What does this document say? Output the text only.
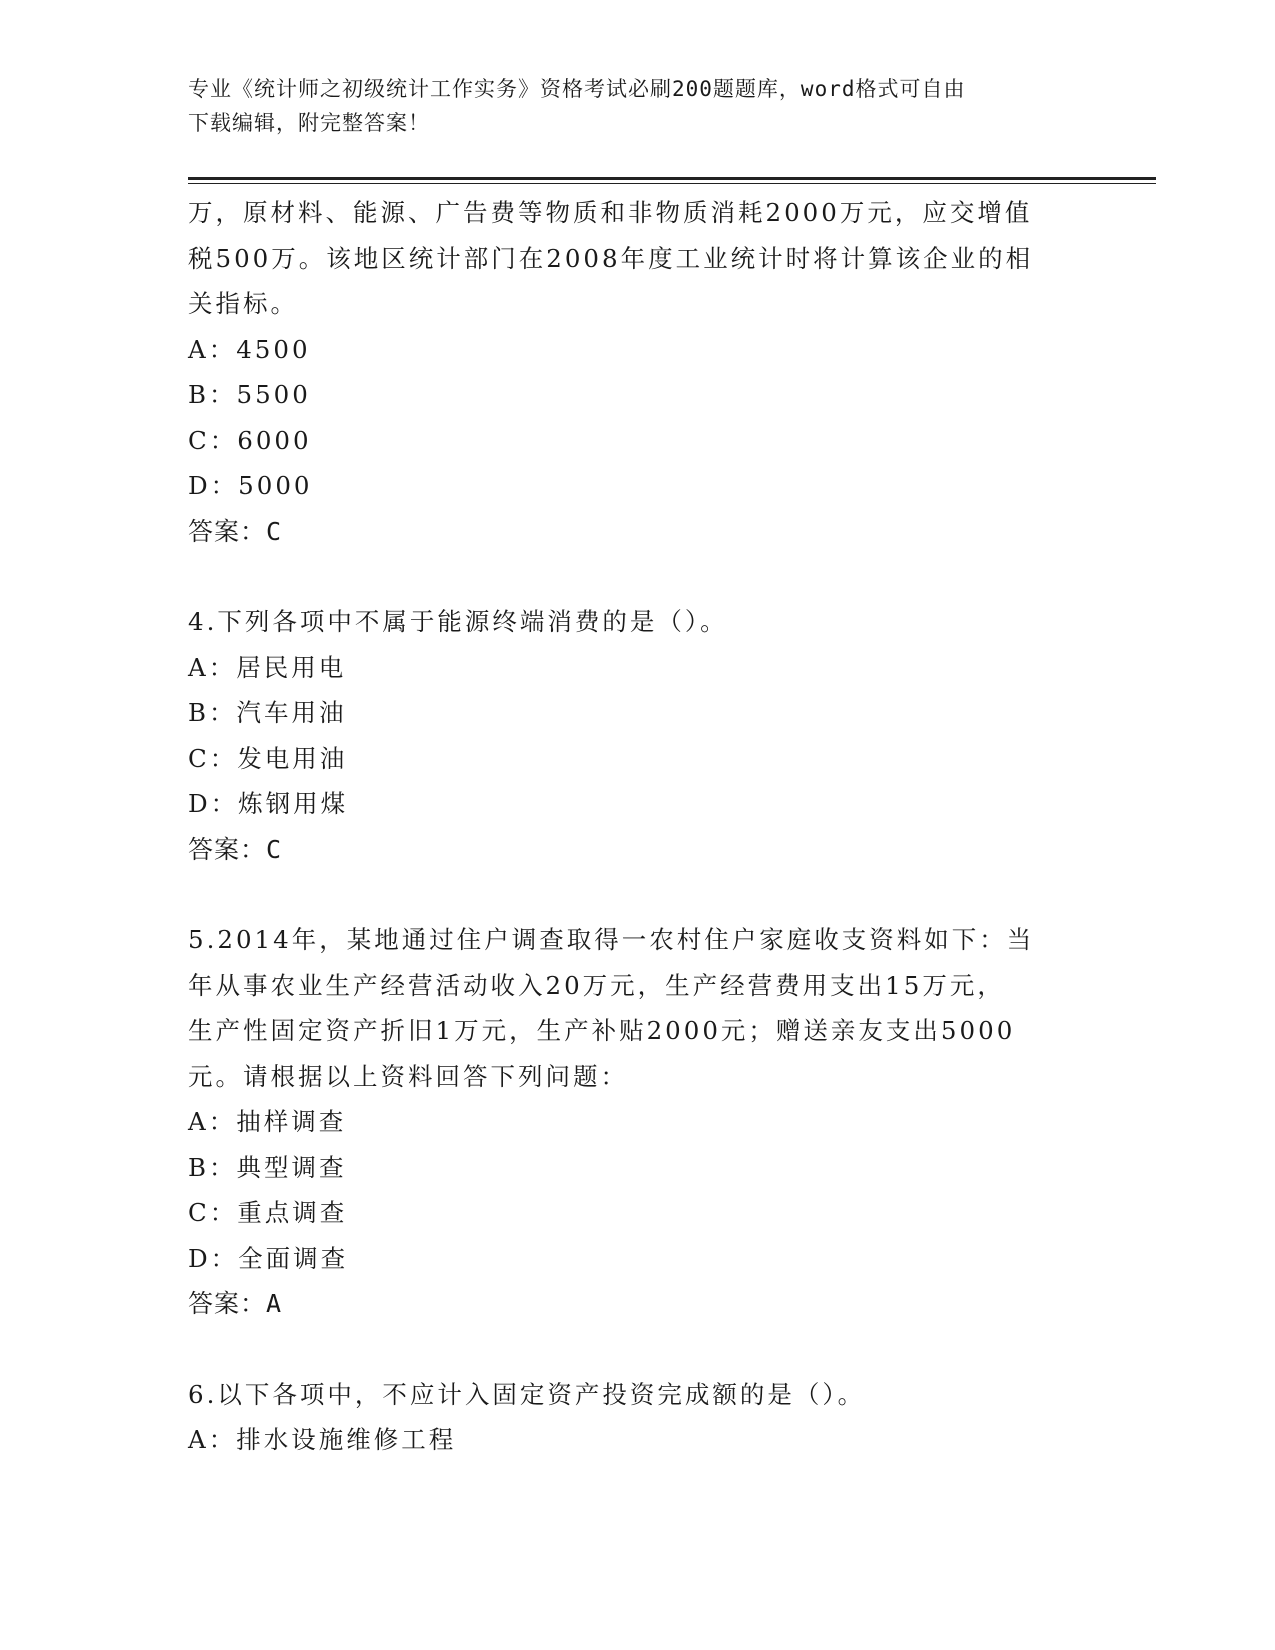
专业《统计师之初级统计工作实务》资格考试必刷200题题库，word格式可自由
下载编辑，附完整答案！
万，原材料、能源、广告费等物质和非物质消耗2000万元，应交增值
税500万。该地区统计部门在2008年度工业统计时将计算该企业的相
关指标。
A：4500
B：5500
C：6000
D：5000
答案：C
4.下列各项中不属于能源终端消费的是（）。
A：居民用电
B：汽车用油
C：发电用油
D：炼钢用煤
答案：C
5.2014年，某地通过住户调查取得一农村住户家庭收支资料如下：当
年从事农业生产经营活动收入20万元，生产经营费用支出15万元，
生产性固定资产折旧1万元，生产补贴2000元；赠送亲友支出5000
元。请根据以上资料回答下列问题：
A：抽样调查
B：典型调查
C：重点调查
D：全面调查
答案：A
6.以下各项中，不应计入固定资产投资完成额的是（）。
A：排水设施维修工程
